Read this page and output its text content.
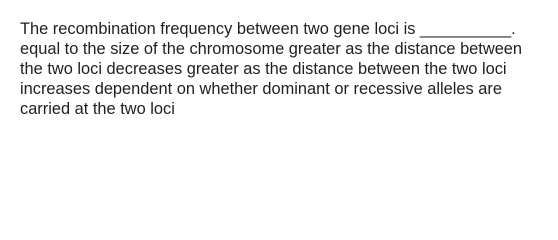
The recombination frequency between two gene loci is __________. equal to the size of the chromosome greater as the distance between the two loci decreases greater as the distance between the two loci increases dependent on whether dominant or recessive alleles are carried at the two loci
